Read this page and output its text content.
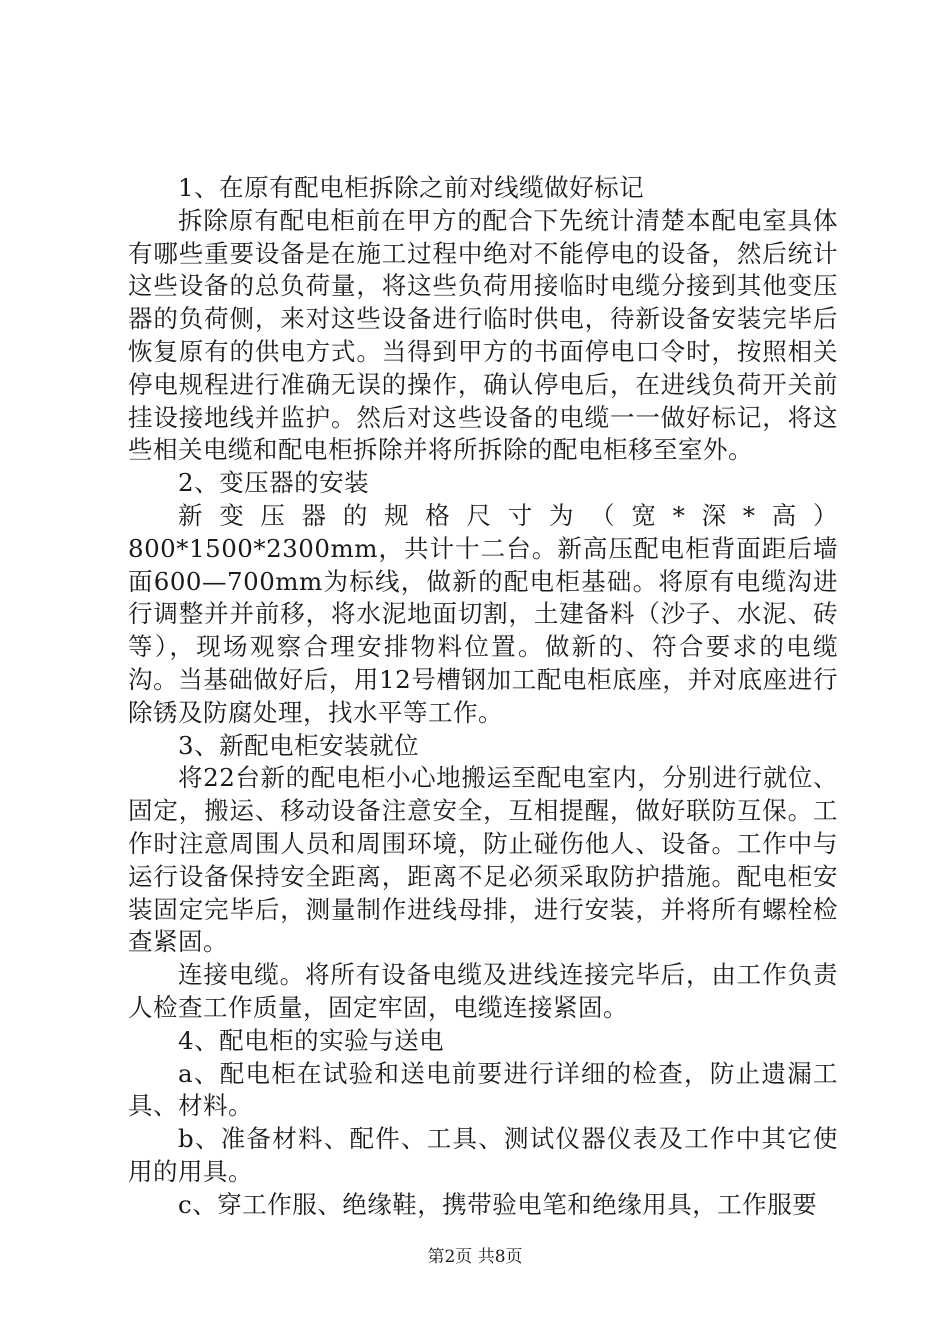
1、在原有配电柜拆除之前对线缆做好标记

拆除原有配电柜前在甲方的配合下先统计清楚本配电室具体有哪些重要设备是在施工过程中绝对不能停电的设备，然后统计这些设备的总负荷量，将这些负荷用接临时电缆分接到其他变压器的负荷侧，来对这些设备进行临时供电，待新设备安装完毕后恢复原有的供电方式。当得到甲方的书面停电口令时，按照相关停电规程进行准确无误的操作，确认停电后，在进线负荷开关前挂设接地线并监护。然后对这些设备的电缆一一做好标记，将这些相关电缆和配电柜拆除并将所拆除的配电柜移至室外。

2、变压器的安装

新变压器的规格尺寸为（宽*深*高）800*1500*2300mm，共计十二台。新高压配电柜背面距后墙面600—700mm为标线，做新的配电柜基础。将原有电缆沟进行调整并并前移，将水泥地面切割，土建备料（沙子、水泥、砖等），现场观察合理安排物料位置。做新的、符合要求的电缆沟。当基础做好后，用12号槽钢加工配电柜底座，并对底座进行除锈及防腐处理，找水平等工作。

3、新配电柜安装就位

将22台新的配电柜小心地搬运至配电室内，分别进行就位、固定，搬运、移动设备注意安全，互相提醒，做好联防互保。工作时注意周围人员和周围环境，防止碰伤他人、设备。工作中与运行设备保持安全距离，距离不足必须采取防护措施。配电柜安装固定完毕后，测量制作进线母排，进行安装，并将所有螺栓检查紧固。

连接电缆。将所有设备电缆及进线连接完毕后，由工作负责人检查工作质量，固定牢固，电缆连接紧固。

4、配电柜的实验与送电

a、配电柜在试验和送电前要进行详细的检查，防止遗漏工具、材料。

b、准备材料、配件、工具、测试仪器仪表及工作中其它使用的用具。

c、穿工作服、绝缘鞋，携带验电笔和绝缘用具，工作服要

第2页 共8页
